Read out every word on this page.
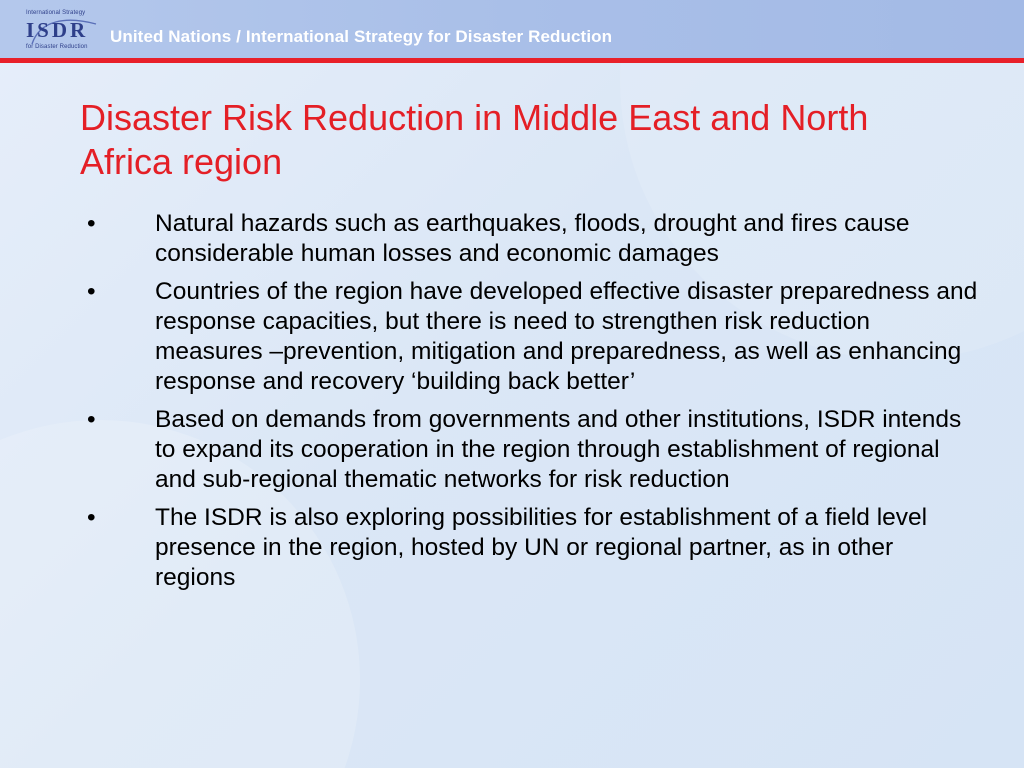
International Strategy
ISDR
for Disaster Reduction
United Nations / International Strategy for Disaster Reduction
Disaster Risk Reduction in Middle East and North
Africa region
• Natural hazards such as earthquakes, floods, drought and fires cause considerable human losses and economic damages
• Countries of the region have developed effective disaster preparedness and response capacities, but there is need to strengthen risk reduction measures –prevention, mitigation and preparedness, as well as enhancing response and recovery ‘building back better’
• Based on demands from governments and other institutions, ISDR intends to expand its cooperation in the region through establishment of regional and sub-regional thematic networks for risk reduction
• The ISDR is also exploring possibilities for establishment of a field level presence in the region, hosted by UN or regional partner, as in other regions
